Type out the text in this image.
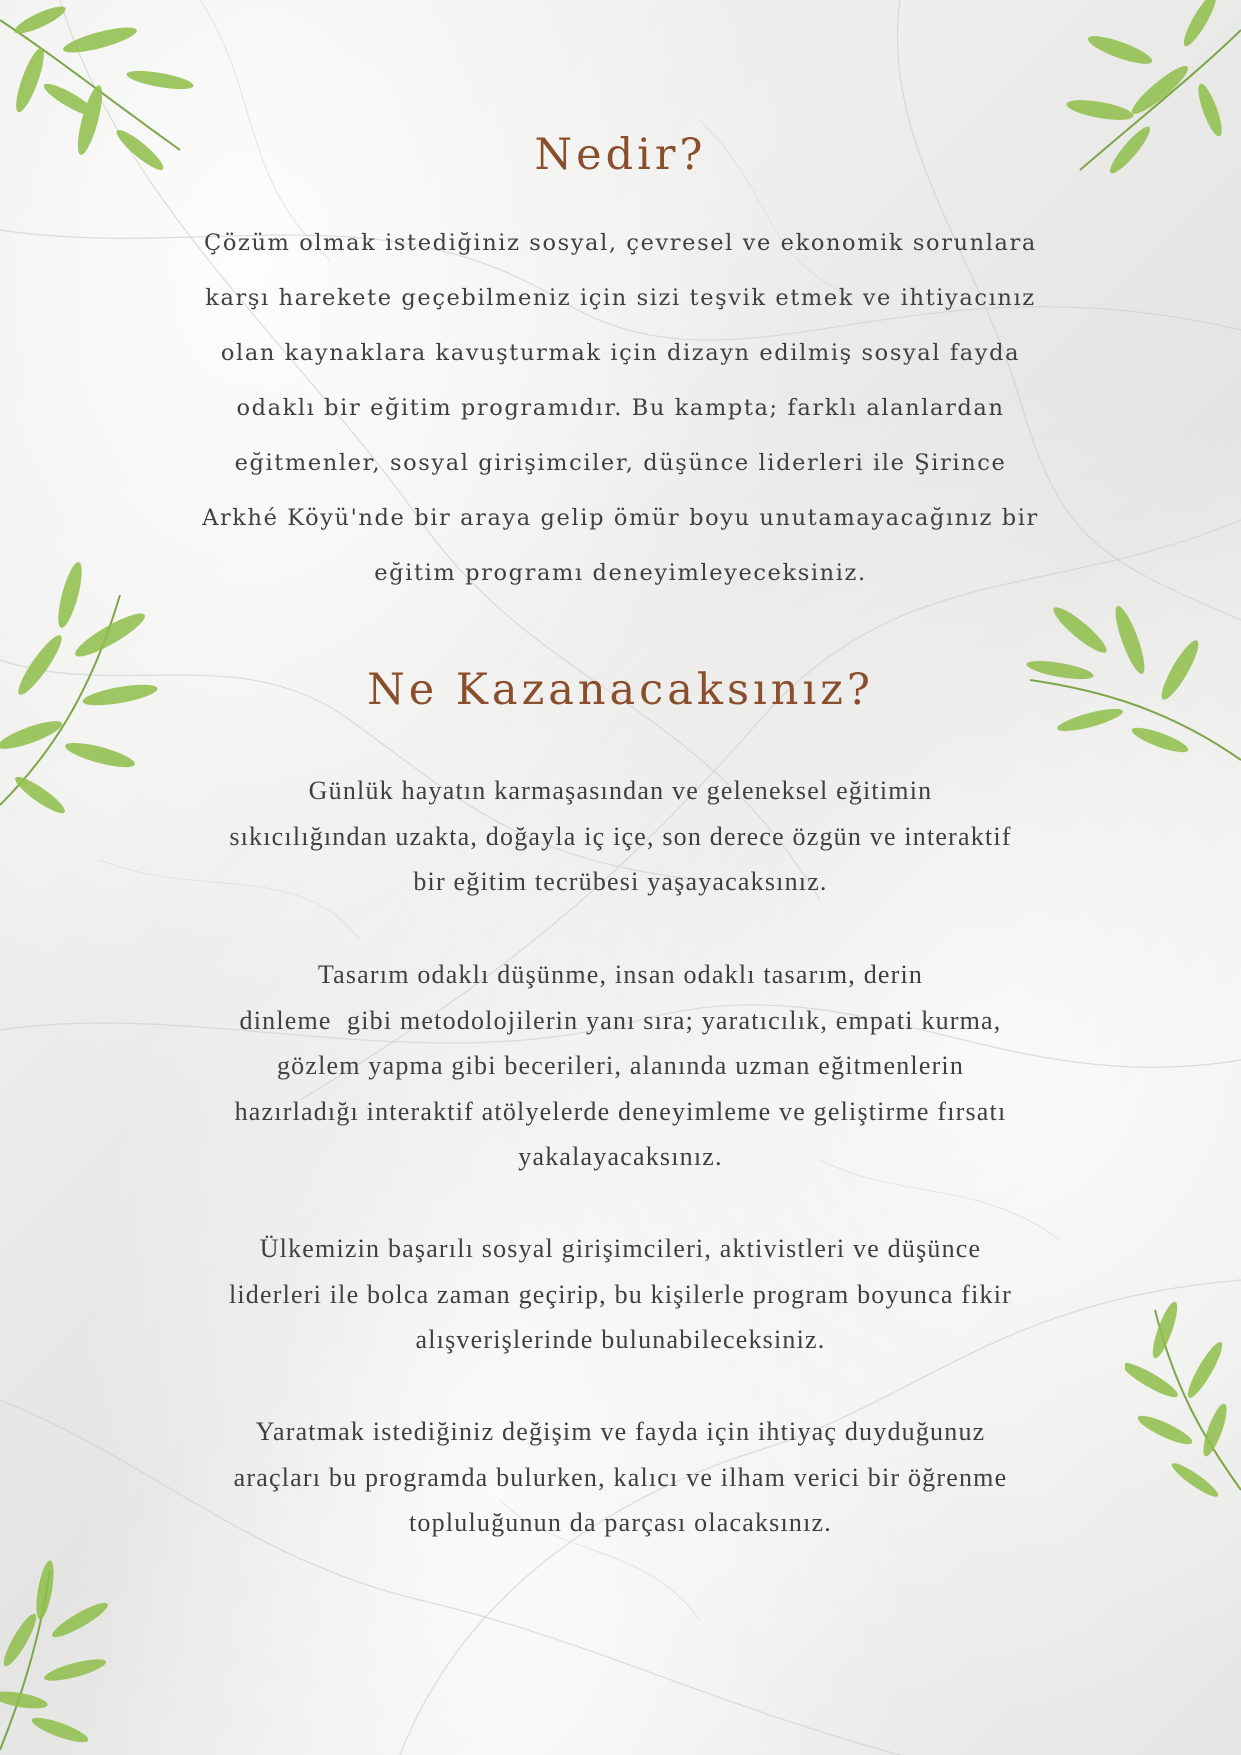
Nedir?

Çözüm olmak istediğiniz sosyal, çevresel ve ekonomik sorunlara
karşı harekete geçebilmeniz için sizi teşvik etmek ve ihtiyacınız
olan kaynaklara kavuşturmak için dizayn edilmiş sosyal fayda
odaklı bir eğitim programıdır. Bu kampta; farklı alanlardan
eğitmenler, sosyal girişimciler, düşünce liderleri ile Şirince
Arkhé Köyü'nde bir araya gelip ömür boyu unutamayacağınız bir
eğitim programı deneyimleyeceksiniz.

Ne Kazanacaksınız?

Günlük hayatın karmaşasından ve geleneksel eğitimin
sıkıcılığından uzakta, doğayla iç içe, son derece özgün ve interaktif
bir eğitim tecrübesi yaşayacaksınız.

Tasarım odaklı düşünme, insan odaklı tasarım, derin
dinleme  gibi metodolojilerin yanı sıra; yaratıcılık, empati kurma,
gözlem yapma gibi becerileri, alanında uzman eğitmenlerin
hazırladığı interaktif atölyelerde deneyimleme ve geliştirme fırsatı
yakalayacaksınız.

Ülkemizin başarılı sosyal girişimcileri, aktivistleri ve düşünce
liderleri ile bolca zaman geçirip, bu kişilerle program boyunca fikir
alışverişlerinde bulunabileceksiniz.

Yaratmak istediğiniz değişim ve fayda için ihtiyaç duyduğunuz
araçları bu programda bulurken, kalıcı ve ilham verici bir öğrenme
topluluğunun da parçası olacaksınız.
